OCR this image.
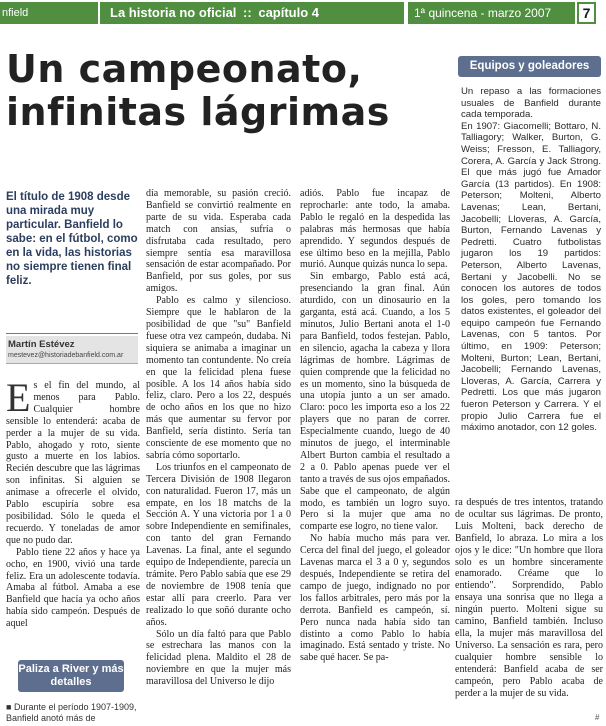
nfield	La historia no oficial :: capítulo 4	1ª quincena - marzo 2007	7
Un campeonato, infinitas lágrimas
Equipos y goleadores

Un repaso a las formaciones usuales de Banfield durante cada temporada.

En 1907: Giacomelli; Bottaro, N. Talliagory; Walker, Burton, G. Weiss; Fresson, E. Talliagory, Corera, A. García y Jack Strong. El que más jugó fue Amador García (13 partidos). En 1908: Peterson; Molteni, Alberto Lavenas; Lean, Bertani, Jacobelli; Lloveras, A. García, Burton, Fernando Lavenas y Pedretti. Cuatro futbolistas jugaron los 19 partidos: Peterson, Alberto Lavenas, Bertani y Jacobelli. No se conocen los autores de todos los goles, pero tomando los datos existentes, el goleador del equipo campeón fue Fernando Lavenas, con 5 tantos. Por último, en 1909: Peterson; Molteni, Burton; Lean, Bertani, Jacobelli; Fernando Lavenas, Lloveras, A. García, Carrera y Pedretti. Los que más jugaron fueron Peterson y Carrera. Y el propio Julio Carrera fue el máximo anotador, con 12 goles.

El título de 1908 desde una mirada muy particular. Banfield lo sabe: en el fútbol, como en la vida, las historias no siempre tienen final feliz.
Martín Estévez
mestevez@historiadebanfield.com.ar

Es el fin del mundo, al menos para Pablo. Cualquier hombre sensible lo entenderá: acaba de perder a la mujer de su vida. Pablo, ahogado y roto, siente gusto a muerte en los labios. Recién descubre que las lágrimas son infinitas. Si alguien se animase a ofrecerle el olvido, Pablo escupiría sobre esa posibilidad. Sólo le queda el recuerdo. Y toneladas de amor que no pudo dar.

Pablo tiene 22 años y hace ya ocho, en 1900, vivió una tarde feliz. Era un adolescente todavía. Amaba al fútbol. Amaba a ese Banfield que hacía ya ocho años había sido campeón. Después de aquel

día memorable, su pasión creció. Banfield se convirtió realmente en parte de su vida. Esperaba cada match con ansias, sufría o disfrutaba cada resultado, pero siempre sentía esa maravillosa sensación de estar acompañado. Por Banfield, por sus goles, por sus amigos.

Pablo es calmo y silencioso. Siempre que le hablaron de la posibilidad de que "su" Banfield fuese otra vez campeón, dudaba. Ni siquiera se animaba a imaginar un momento tan contundente. No creía en que la felicidad plena fuese posible. A los 14 años había sido feliz, claro. Pero a los 22, después de ocho años en los que no hizo más que aumentar su fervor por Banfield, sería distinto. Sería tan consciente de ese momento que no sabría cómo soportarlo.

Los triunfos en el campeonato de Tercera División de 1908 llegaron con naturalidad. Fueron 17, más un empate, en los 18 matchs de la Sección A. Y una victoria por 1 a 0 sobre Independiente en semifinales, con tanto del gran Fernando Lavenas. La final, ante el segundo equipo de Independiente, parecía un trámite. Pero Pablo sabía que ese 29 de noviembre de 1908 tenía que estar allí para creerlo. Para ver realizado lo que soñó durante ocho años.

Sólo un día faltó para que Pablo se estrechara las manos con la felicidad plena. Maldito el 28 de noviembre en que la mujer más maravillosa del Universo le dijo

adiós. Pablo fue incapaz de reprocharle: ante todo, la amaba. Pablo le regaló en la despedida las palabras más hermosas que había aprendido. Y segundos después de ese último beso en la mejilla, Pablo murió. Aunque quizás nunca lo sepa.

Sin embargo, Pablo está acá, presenciando la gran final. Aún aturdido, con un dinosaurio en la garganta, está acá. Cuando, a los 5 minutos, Julio Bertani anota el 1-0 para Banfield, todos festejan. Pablo, en silencio, agacha la cabeza y llora lágrimas de hombre. Lágrimas de quien comprende que la felicidad no es un momento, sino la búsqueda de una utopía junto a un ser amado. Claro: poco les importa eso a los 22 players que no paran de correr. Especialmente cuando, luego de 40 minutos de juego, el interminable Albert Burton cambia el resultado a 2 a 0. Pablo apenas puede ver el tanto a través de sus ojos empañados. Sabe que el campeonato, de algún modo, es también un logro suyo. Pero si la mujer que ama no comparte ese logro, no tiene valor.

No había mucho más para ver. Cerca del final del juego, el goleador Lavenas marca el 3 a 0 y, segundos después, Independiente se retira del campo de juego, indignado no por los fallos arbitrales, pero más por la derrota. Banfield es campeón, sí. Pero nunca nada había sido tan distinto a como Pablo lo había imaginado. Está sentado y triste. No sabe qué hacer. Se pa-

ra después de tres intentos, tratando de ocultar sus lágrimas. De pronto, Luis Molteni, back derecho de Banfield, lo abraza. Lo mira a los ojos y le dice: "Un hombre que llora solo es un hombre sinceramente enamorado. Créame que lo entiendo". Sorprendido, Pablo ensaya una sonrisa que no llega a ningún puerto. Molteni sigue su camino, Banfield también. Incluso ella, la mujer más maravillosa del Universo. La sensación es rara, pero cualquier hombre sensible lo entenderá: Banfield acaba de ser campeón, pero Pablo acaba de perder a la mujer de su vida.

#
Paliza a River y más detalles
■ Durante el período 1907-1909, Banfield anotó más de
